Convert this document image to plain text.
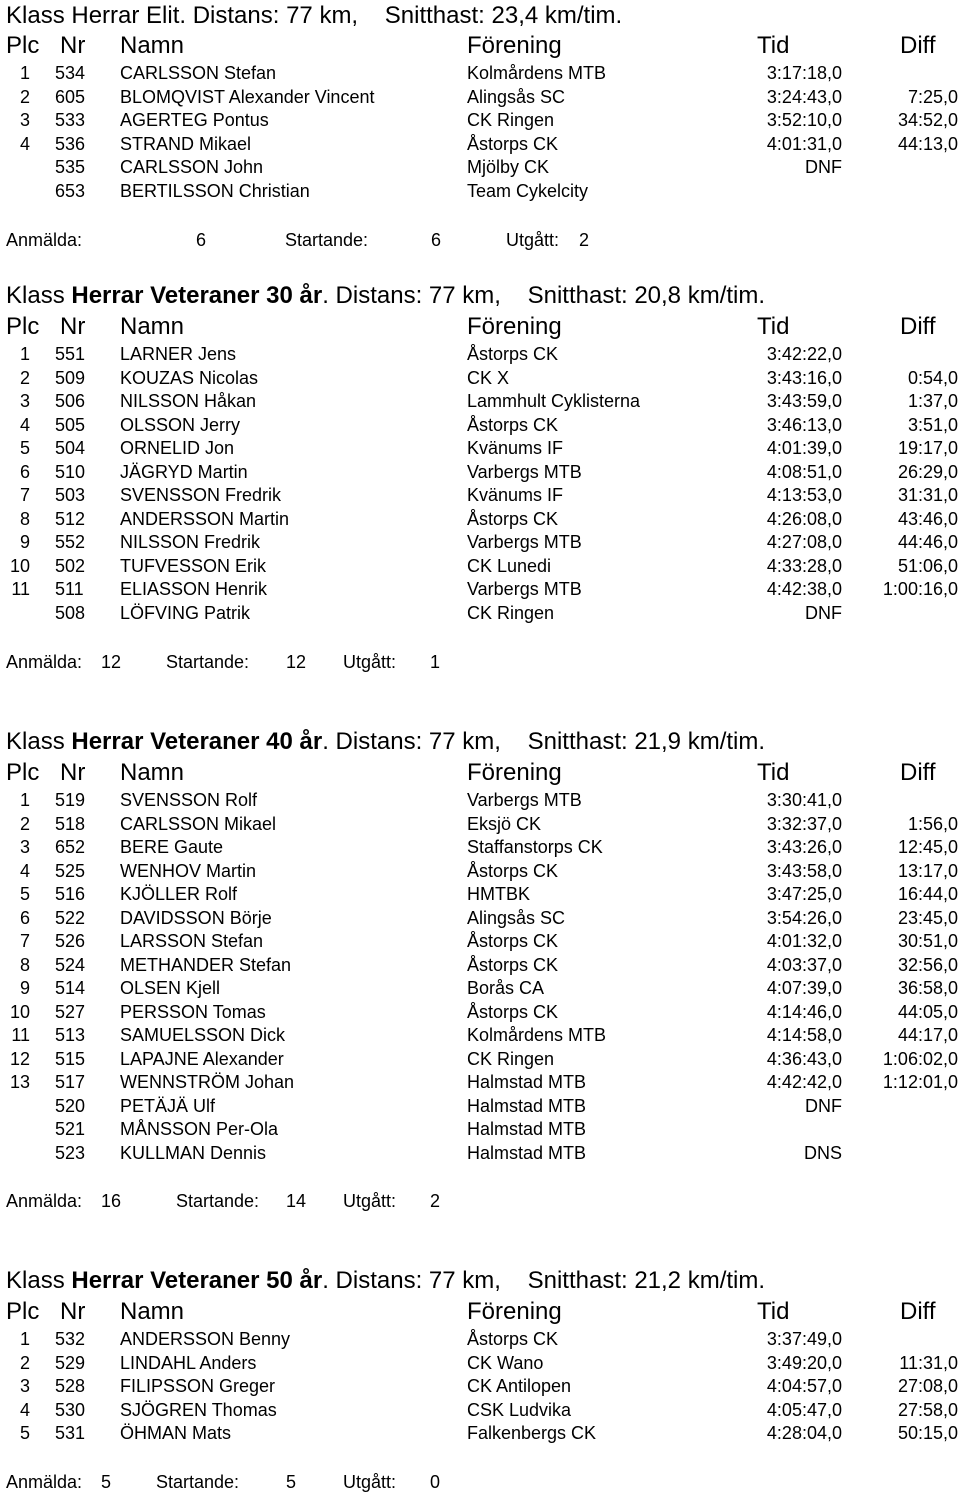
Klass Herrar Elit. Distans: 77 km,    Snitthast: 23,4 km/tim.
Plc Nr Namn	Förening	Tid	Diff
1 534 CARLSSON Stefan	Kolmårdens MTB	3:17:18,0
2 605 BLOMQVIST Alexander Vincent	Alingsås SC	3:24:43,0	7:25,0
3 533 AGERTEG Pontus	CK Ringen	3:52:10,0	34:52,0
4 536 STRAND Mikael	Åstorps CK	4:01:31,0	44:13,0
535 CARLSSON John	Mjölby CK	DNF
653 BERTILSSON Christian	Team Cykelcity
Anmälda:	6	Startande:	6	Utgått: 2
Klass Herrar Veteraner 30 år. Distans: 77 km,    Snitthast: 20,8 km/tim.
Plc Nr Namn	Förening	Tid	Diff
1 551 LARNER Jens	Åstorps CK	3:42:22,0
2 509 KOUZAS Nicolas	CK X	3:43:16,0	0:54,0
3 506 NILSSON Håkan	Lammhult Cyklisterna	3:43:59,0	1:37,0
4 505 OLSSON Jerry	Åstorps CK	3:46:13,0	3:51,0
5 504 ORNELID Jon	Kvänums IF	4:01:39,0	19:17,0
6 510 JÄGRYD Martin	Varbergs MTB	4:08:51,0	26:29,0
7 503 SVENSSON Fredrik	Kvänums IF	4:13:53,0	31:31,0
8 512 ANDERSSON Martin	Åstorps CK	4:26:08,0	43:46,0
9 552 NILSSON Fredrik	Varbergs MTB	4:27:08,0	44:46,0
10 502 TUFVESSON Erik	CK Lunedi	4:33:28,0	51:06,0
11 511 ELIASSON Henrik	Varbergs MTB	4:42:38,0 1:00:16,0
508 LÖFVING Patrik	CK Ringen	DNF
Anmälda: 12 Startande: 12 Utgått: 1
Klass Herrar Veteraner 40 år. Distans: 77 km,    Snitthast: 21,9 km/tim.
Plc Nr Namn	Förening	Tid	Diff
1 519 SVENSSON Rolf	Varbergs MTB	3:30:41,0
2 518 CARLSSON Mikael	Eksjö CK	3:32:37,0	1:56,0
3 652 BERE Gaute	Staffanstorps CK	3:43:26,0	12:45,0
4 525 WENHOV Martin	Åstorps CK	3:43:58,0	13:17,0
5 516 KJÖLLER Rolf	HMTBK	3:47:25,0	16:44,0
6 522 DAVIDSSON Börje	Alingsås SC	3:54:26,0	23:45,0
7 526 LARSSON Stefan	Åstorps CK	4:01:32,0	30:51,0
8 524 METHANDER Stefan	Åstorps CK	4:03:37,0	32:56,0
9 514 OLSEN Kjell	Borås CA	4:07:39,0	36:58,0
10 527 PERSSON Tomas	Åstorps CK	4:14:46,0	44:05,0
11 513 SAMUELSSON Dick	Kolmårdens MTB	4:14:58,0	44:17,0
12 515 LAPAJNE Alexander	CK Ringen	4:36:43,0 1:06:02,0
13 517 WENNSTRÖM Johan	Halmstad MTB	4:42:42,0 1:12:01,0
520 PETÄJÄ Ulf	Halmstad MTB	DNF
521 MÅNSSON Per-Ola	Halmstad MTB
523 KULLMAN Dennis	Halmstad MTB	DNS
Anmälda: 16	Startande: 14 Utgått: 2
Klass Herrar Veteraner 50 år. Distans: 77 km,    Snitthast: 21,2 km/tim.
Plc Nr Namn	Förening	Tid	Diff
1 532 ANDERSSON Benny	Åstorps CK	3:37:49,0
2 529 LINDAHL Anders	CK Wano	3:49:20,0	11:31,0
3 528 FILIPSSON Greger	CK Antilopen	4:04:57,0	27:08,0
4 530 SJÖGREN Thomas	CSK Ludvika	4:05:47,0	27:58,0
5 531 ÖHMAN Mats	Falkenbergs CK	4:28:04,0	50:15,0
Anmälda: 5 Startande:	5	Utgått: 0
